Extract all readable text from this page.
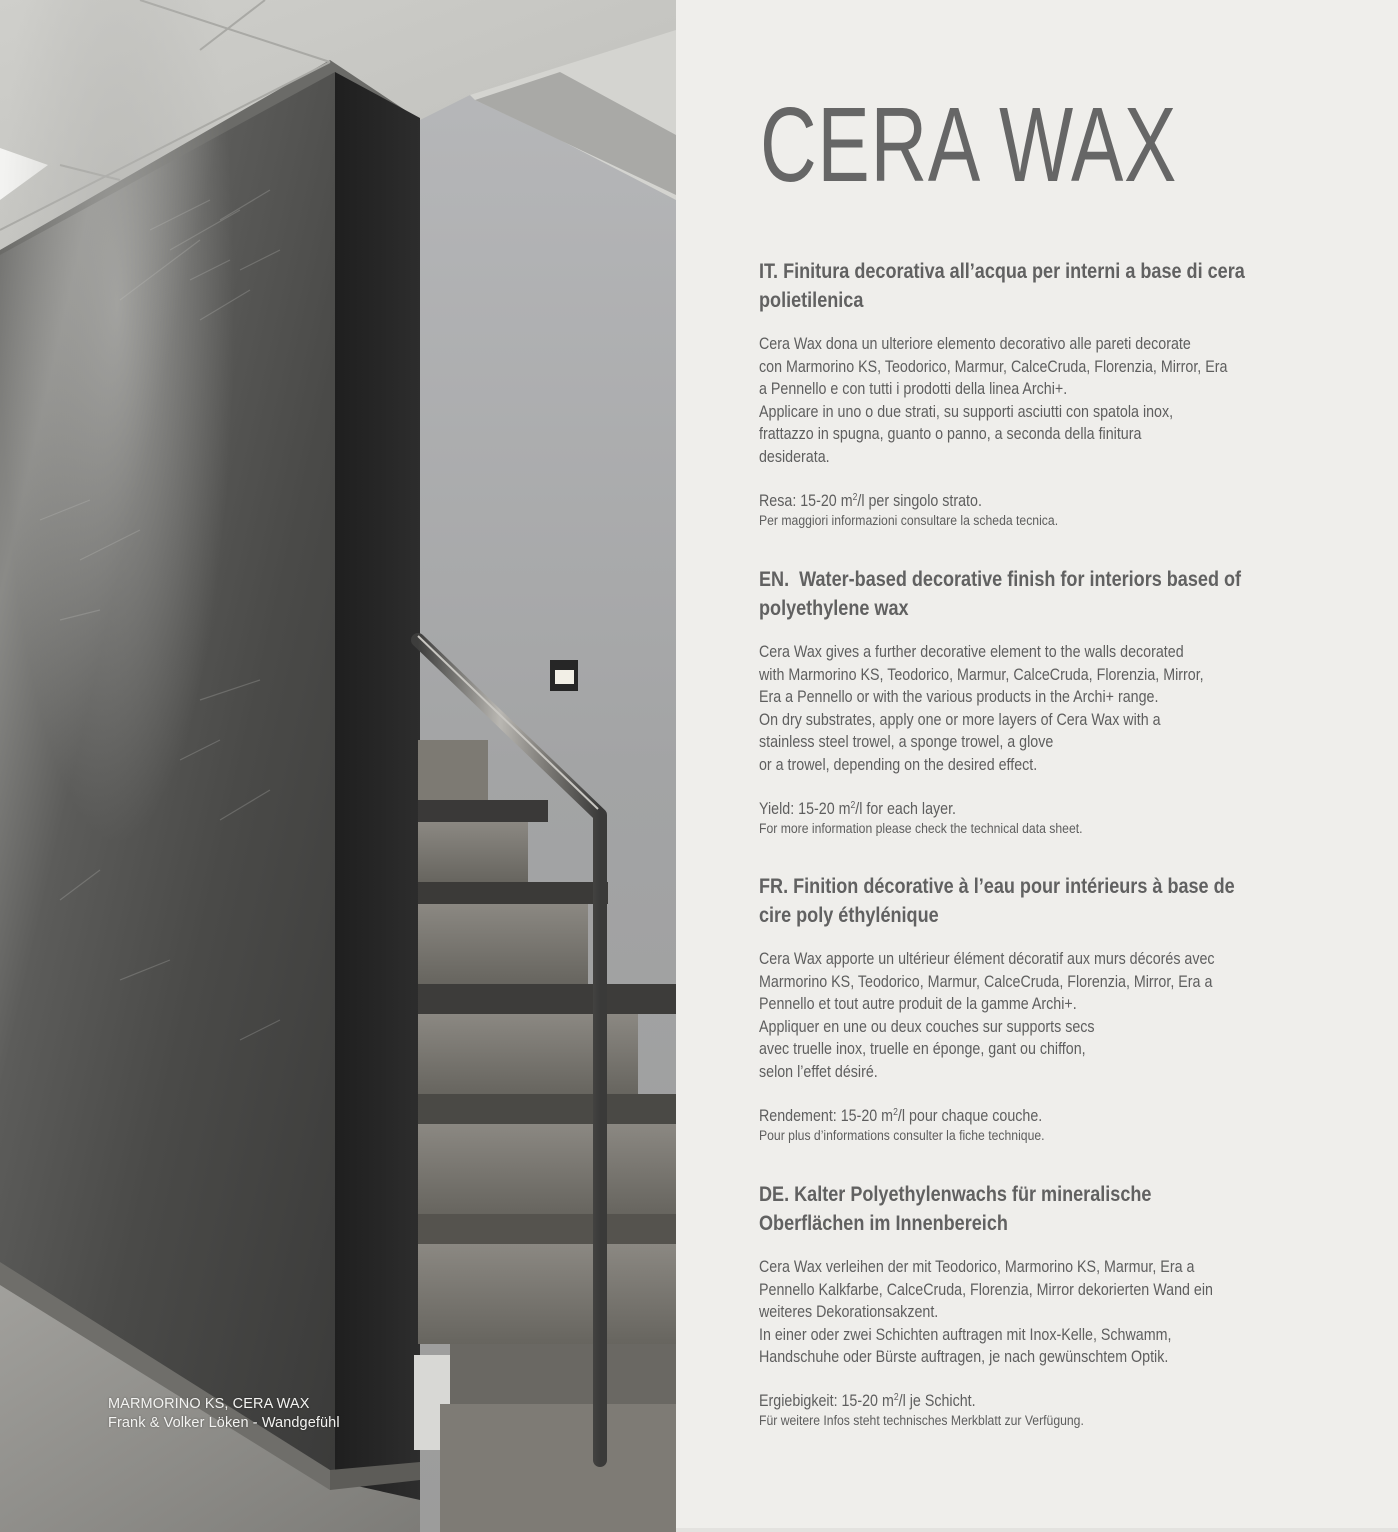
MARMORINO KS, CERA WAX
Frank & Volker Löken - Wandgefühl
CERA WAX
IT. Finitura decorativa all’acqua per interni a base di cera
polietilenica
Cera Wax dona un ulteriore elemento decorativo alle pareti decorate
con Marmorino KS, Teodorico, Marmur, CalceCruda, Florenzia, Mirror, Era
a Pennello e con tutti i prodotti della linea Archi+.
Applicare in uno o due strati, su supporti asciutti con spatola inox,
frattazzo in spugna, guanto o panno, a seconda della finitura
desiderata.
Resa: 15-20 $m^2/l$ per singolo strato.
Per maggiori informazioni consultare la scheda tecnica.
EN.  Water-based decorative finish for interiors based of
polyethylene wax
Cera Wax gives a further decorative element to the walls decorated
with Marmorino KS, Teodorico, Marmur, CalceCruda, Florenzia, Mirror,
Era a Pennello or with the various products in the Archi+ range.
On dry substrates, apply one or more layers of Cera Wax with a
stainless steel trowel, a sponge trowel, a glove
or a trowel, depending on the desired effect.
Yield: 15-20 $m^2/l$ for each layer.
For more information please check the technical data sheet.
FR. Finition décorative à l’eau pour intérieurs à base de
cire poly éthylénique
Cera Wax apporte un ultérieur élément décoratif aux murs décorés avec
Marmorino KS, Teodorico, Marmur, CalceCruda, Florenzia, Mirror, Era a
Pennello et tout autre produit de la gamme Archi+.
Appliquer en une ou deux couches sur supports secs
avec truelle inox, truelle en éponge, gant ou chiffon,
selon l’effet désiré.
Rendement: 15-20 $m^2/l$ pour chaque couche.
Pour plus d’informations consulter la fiche technique.
DE. Kalter Polyethylenwachs für mineralische
Oberflächen im Innenbereich
Cera Wax verleihen der mit Teodorico, Marmorino KS, Marmur, Era a
Pennello Kalkfarbe, CalceCruda, Florenzia, Mirror dekorierten Wand ein
weiteres Dekorationsakzent.
In einer oder zwei Schichten auftragen mit Inox-Kelle, Schwamm,
Handschuhe oder Bürste auftragen, je nach gewünschtem Optik.
Ergiebigkeit: 15-20 $m^2/l$ je Schicht.
Für weitere Infos steht technisches Merkblatt zur Verfügung.
